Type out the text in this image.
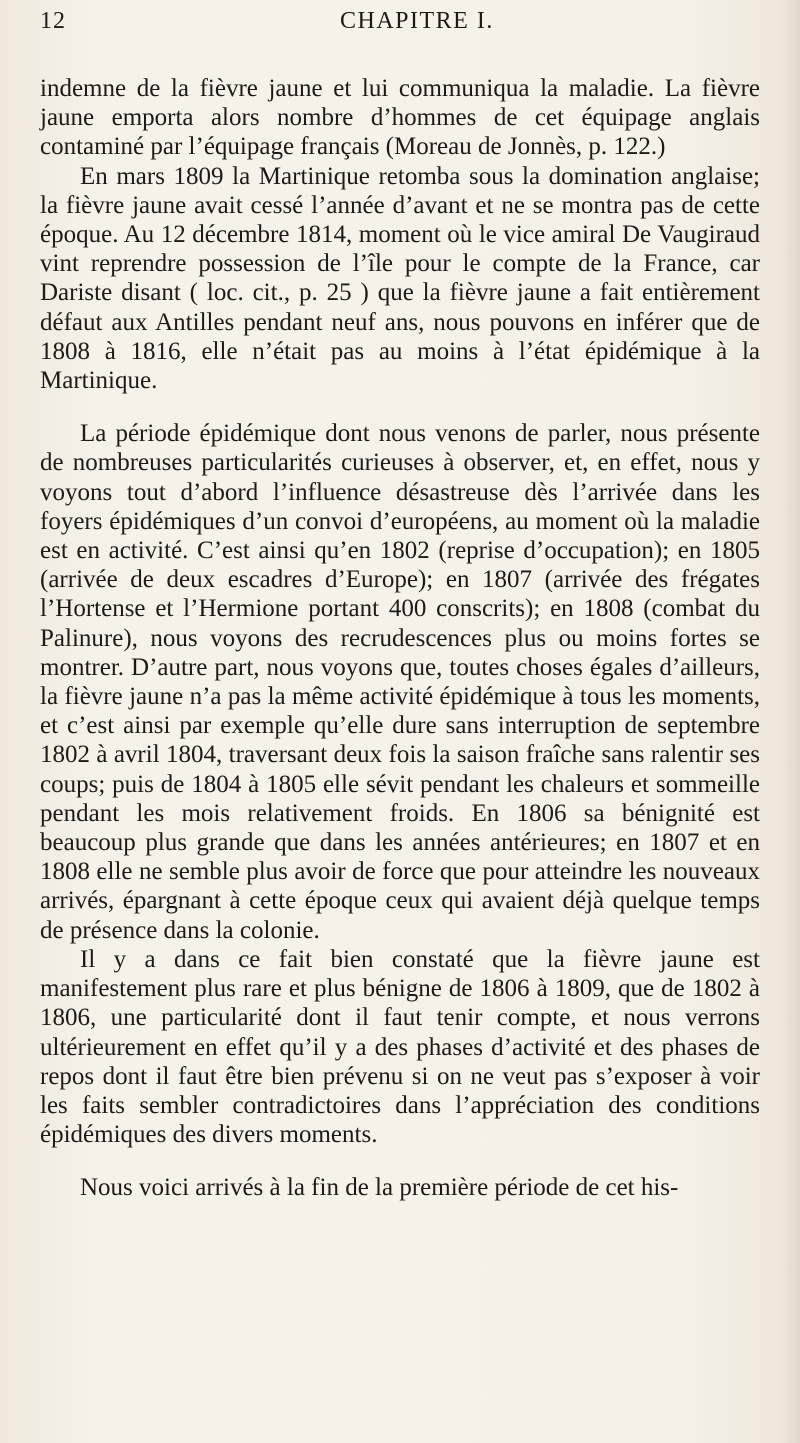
12	CHAPITRE I.

indemne de la fièvre jaune et lui communiqua la maladie. La fièvre jaune emporta alors nombre d’hommes de cet équipage anglais contaminé par l’équipage français (Moreau de Jonnès, p. 122.)

En mars 1809 la Martinique retomba sous la domination anglaise; la fièvre jaune avait cessé l’année d’avant et ne se montra pas de cette époque. Au 12 décembre 1814, moment où le vice amiral De Vaugiraud vint reprendre possession de l’île pour le compte de la France, car Dariste disant ( loc. cit., p. 25 ) que la fièvre jaune a fait entièrement défaut aux Antilles pendant neuf ans, nous pouvons en inférer que de 1808 à 1816, elle n’était pas au moins à l’état épidémique à la Martinique.

La période épidémique dont nous venons de parler, nous présente de nombreuses particularités curieuses à observer, et, en effet, nous y voyons tout d’abord l’influence désastreuse dès l’arrivée dans les foyers épidémiques d’un convoi d’européens, au moment où la maladie est en activité. C’est ainsi qu’en 1802 (reprise d’occupation); en 1805 (arrivée de deux escadres d’Europe); en 1807 (arrivée des frégates l’Hortense et l’Hermione portant 400 conscrits); en 1808 (combat du Palinure), nous voyons des recrudescences plus ou moins fortes se montrer. D’autre part, nous voyons que, toutes choses égales d’ailleurs, la fièvre jaune n’a pas la même activité épidémique à tous les moments, et c’est ainsi par exemple qu’elle dure sans interruption de septembre 1802 à avril 1804, traversant deux fois la saison fraîche sans ralentir ses coups; puis de 1804 à 1805 elle sévit pendant les chaleurs et sommeille pendant les mois relativement froids. En 1806 sa bénignité est beaucoup plus grande que dans les années antérieures; en 1807 et en 1808 elle ne semble plus avoir de force que pour atteindre les nouveaux arrivés, épargnant à cette époque ceux qui avaient déjà quelque temps de présence dans la colonie.

Il y a dans ce fait bien constaté que la fièvre jaune est manifestement plus rare et plus bénigne de 1806 à 1809, que de 1802 à 1806, une particularité dont il faut tenir compte, et nous verrons ultérieurement en effet qu’il y a des phases d’activité et des phases de repos dont il faut être bien prévenu si on ne veut pas s’exposer à voir les faits sembler contradictoires dans l’appréciation des conditions épidémiques des divers moments.

Nous voici arrivés à la fin de la première période de cet his-
